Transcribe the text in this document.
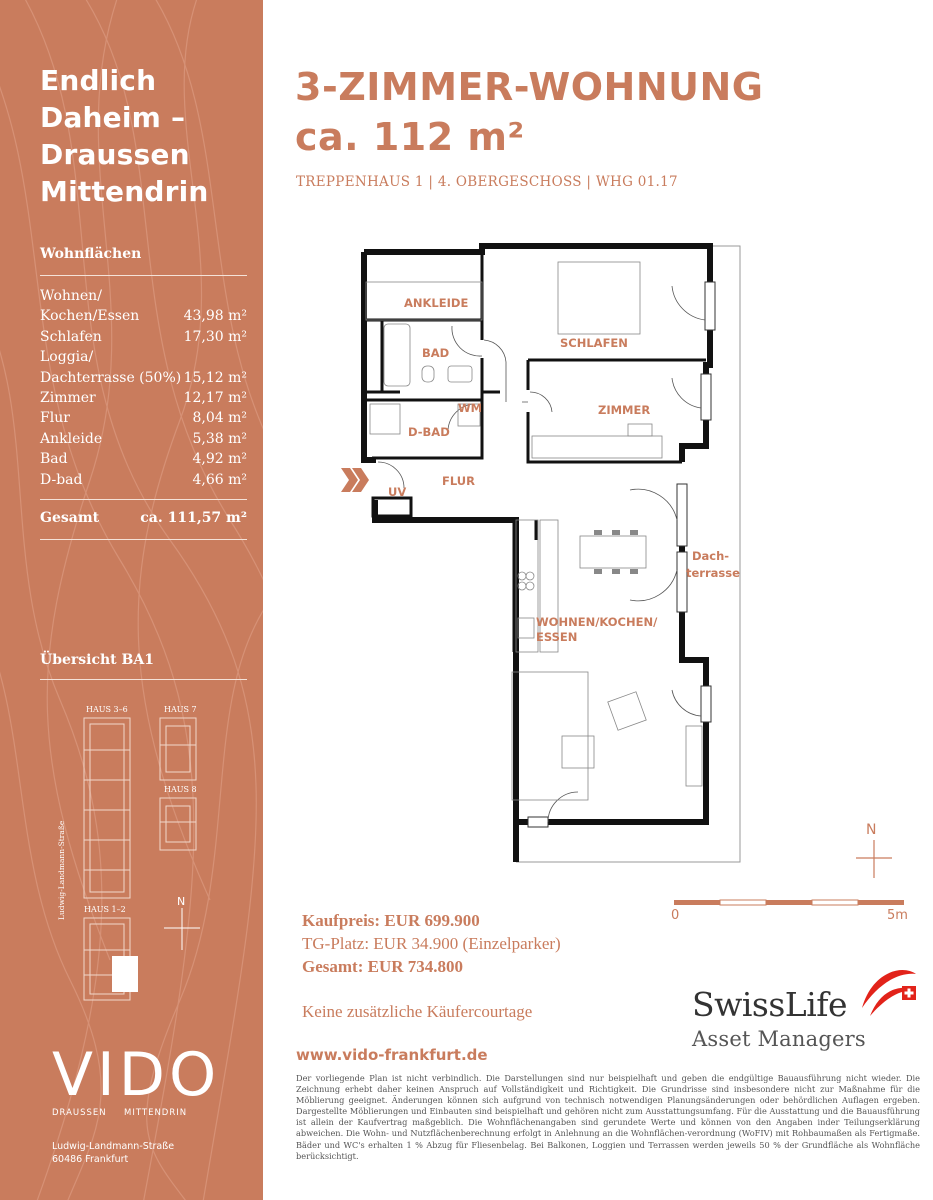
Endlich
Daheim –
Draussen
Mittendrin
Wohnflächen
Wohnen/
Kochen/Essen	43,98 m²
Schlafen	17,30 m²
Loggia/
Dachterrasse (50%) 15,12 m²
Zimmer	12,17 m²
Flur	8,04 m²
Ankleide	5,38 m²
Bad	4,92 m²
D-bad	4,66 m²
Gesamt	ca. 111,57 m²
Übersicht BA1
HAUS 3–6	HAUS 7
HAUS 8
HAUS 1–2
N
Ludwig-Landmann-Straße
VIDO
DRAUSSEN MITTENDRIN
Ludwig-Landmann-Straße
60486 Frankfurt
3-ZIMMER-WOHNUNG
ca. 112 m²
TREPPENHAUS 1 | 4. OBERGESCHOSS | WHG 01.17
ANKLEIDE
BAD
SCHLAFEN
ZIMMER
WM
D-BAD
FLUR
UV
Dach-
terrasse
WOHNEN/KOCHEN/
ESSEN
N
0	5m
Kaufpreis: EUR 699.900
TG-Platz: EUR 34.900 (Einzelparker)
Gesamt: EUR 734.800
Keine zusätzliche Käufercourtage	SwissLife
Asset Managers
www.vido-frankfurt.de
Der vorliegende Plan ist nicht verbindlich. Die Darstellungen sind nur beispielhaft und geben die endgültige Bauausführung nicht wieder. Die Zeichnung erhebt daher keinen Anspruch auf Vollständigkeit und Richtigkeit. Die Grundrisse sind insbesondere nicht zur Maßnahme für die Möblierung geeignet. Änderungen können sich aufgrund von technisch notwendigen Planungsänderungen oder behördlichen Auflagen ergeben. Dargestellte Möblierungen und Einbauten sind beispielhaft und gehören nicht zum Ausstattungsumfang. Für die Ausstattung und die Bauausführung ist allein der Kaufvertrag maßgeblich. Die Wohnflächenangaben sind gerundete Werte und können von den Angaben inder Teilungserklärung abweichen. Die Wohn- und Nutzflächenberechnung erfolgt in Anlehnung an die Wohnflächen-verordnung (WoFIV) mit Rohbaumaßen als Fertigmaße. Bäder und WC's erhalten 1 % Abzug für Fliesenbelag. Bei Balkonen, Loggien und Terrassen werden jeweils 50 % der Grundfläche als Wohnfläche berücksichtigt.
